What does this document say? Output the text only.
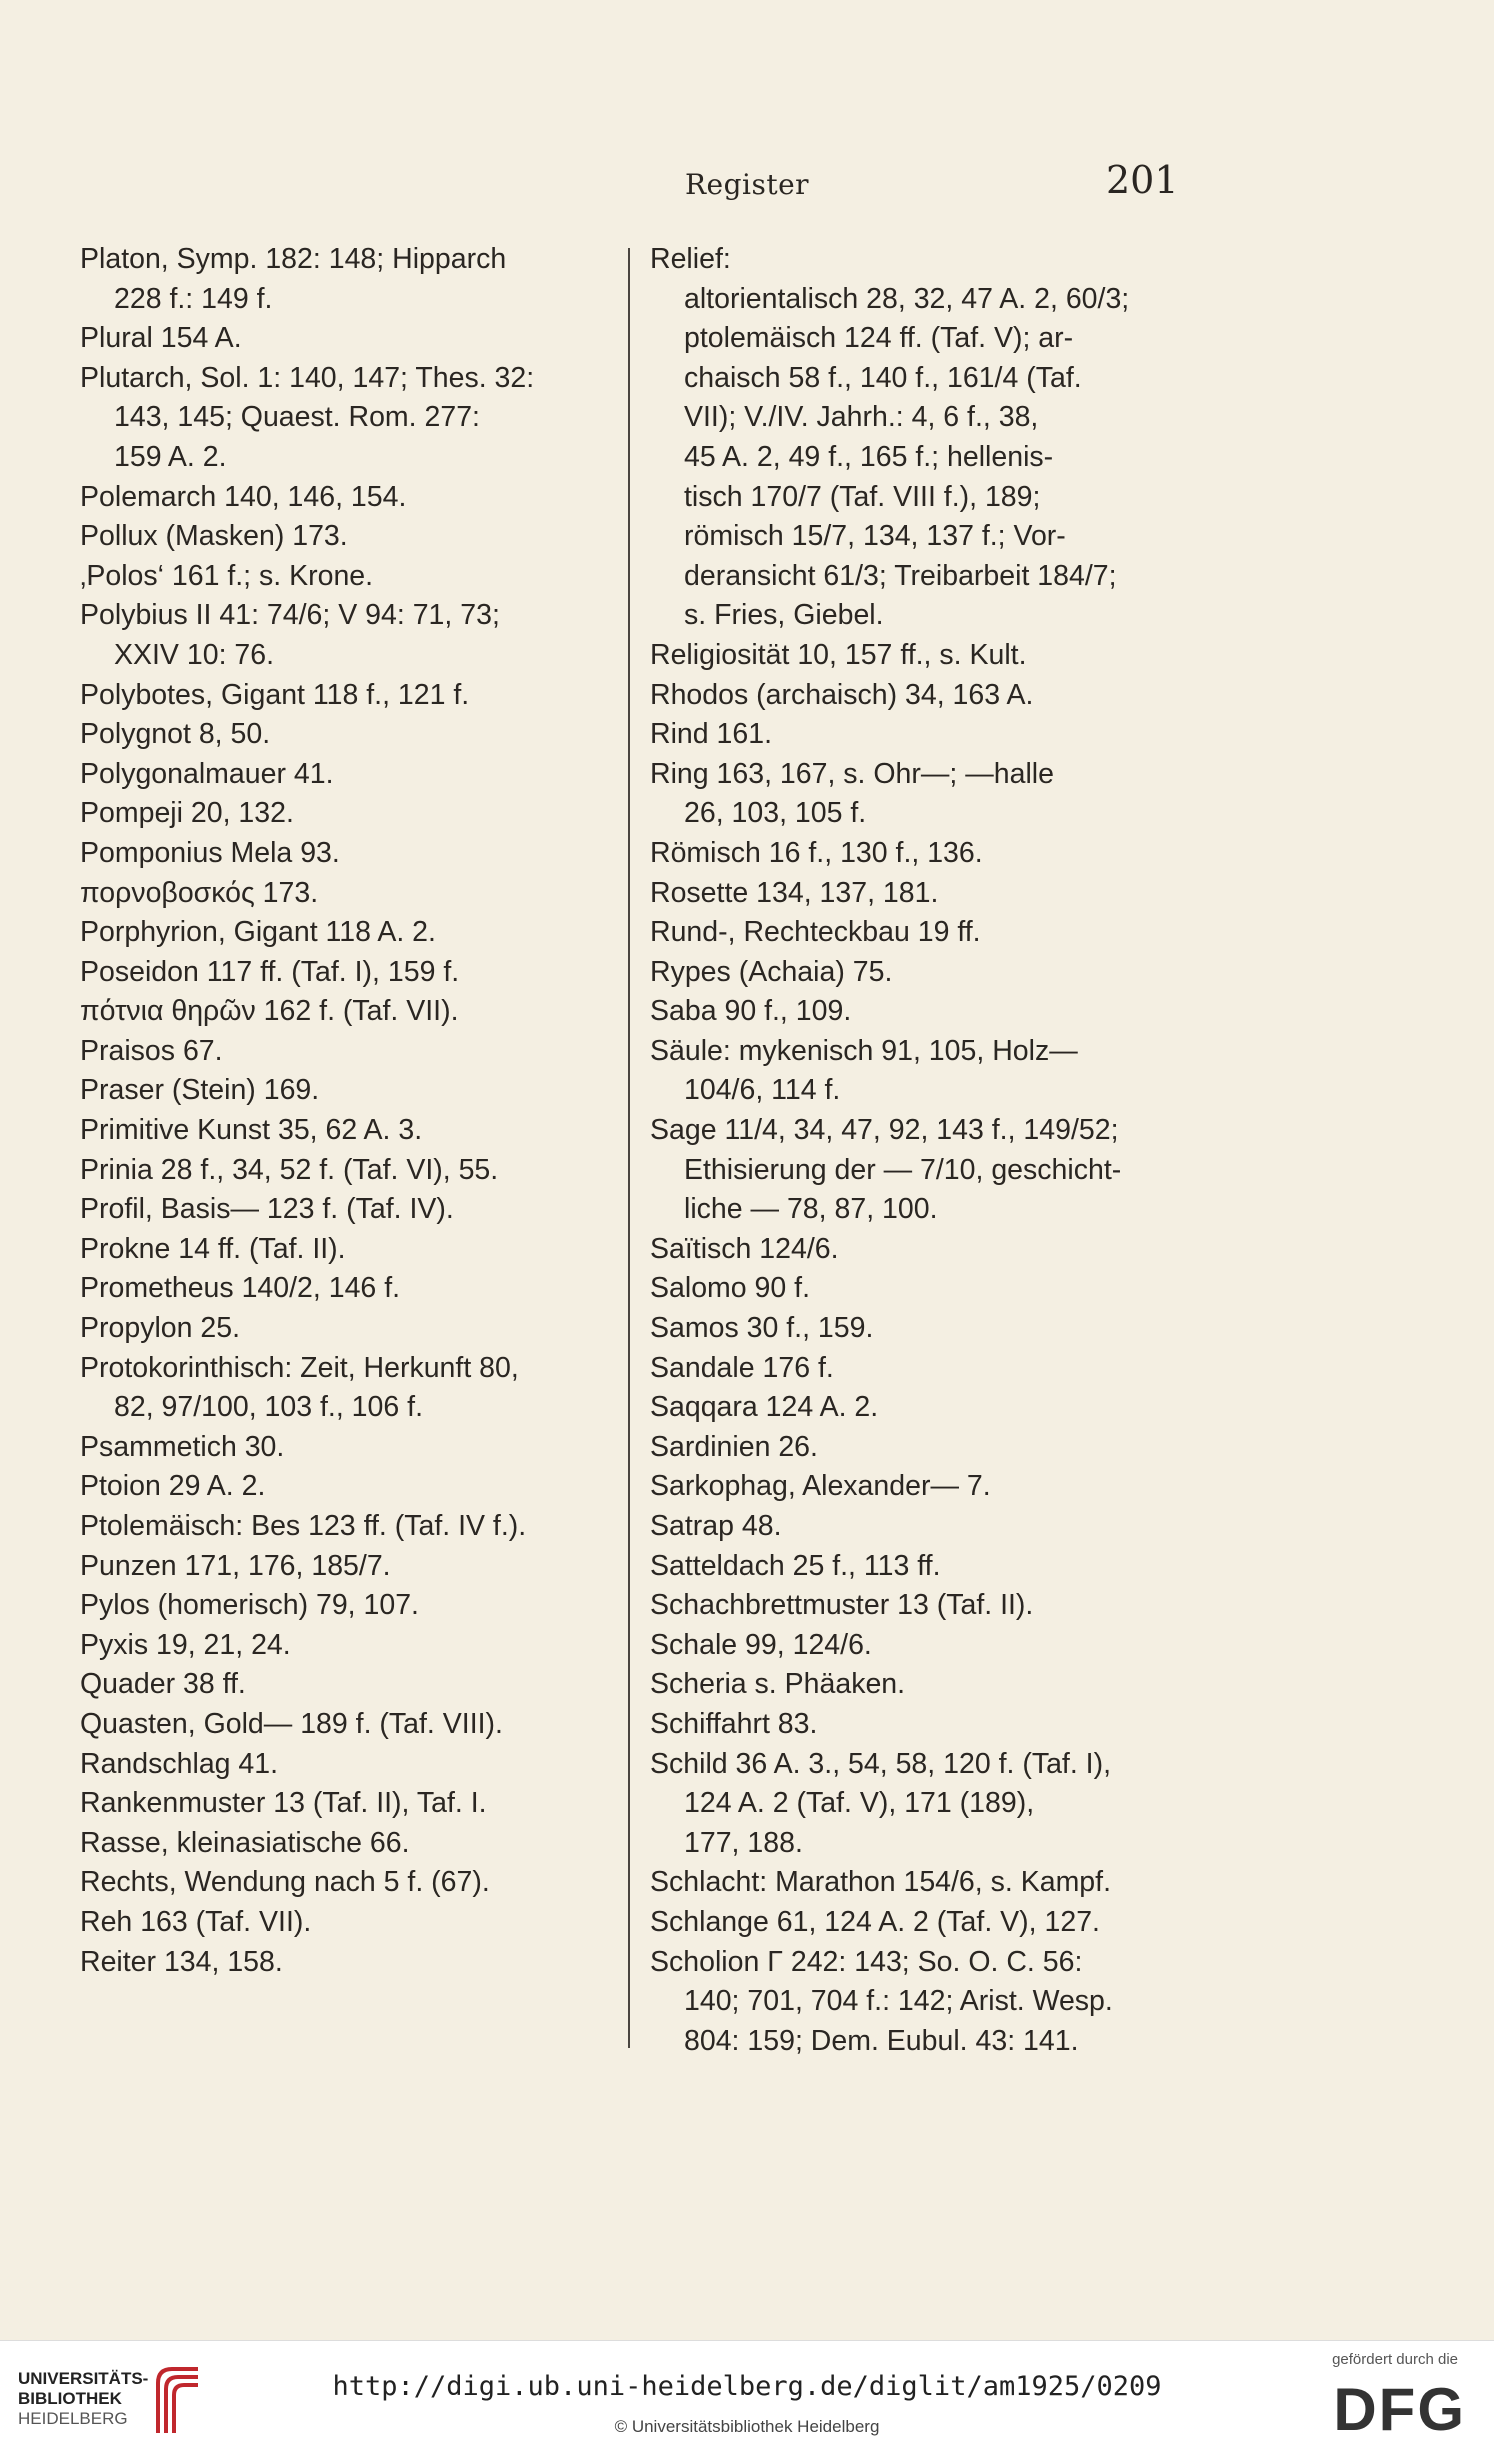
Register	201
Platon, Symp. 182: 148; Hipparch
228 f.: 149 f.
Plural 154 A.
Plutarch, Sol. 1: 140, 147; Thes. 32:
143, 145; Quaest. Rom. 277:
159 A. 2.
Polemarch 140, 146, 154.
Pollux (Masken) 173.
‚Polos‘ 161 f.; s. Krone.
Polybius II 41: 74/6; V 94: 71, 73;
XXIV 10: 76.
Polybotes, Gigant 118 f., 121 f.
Polygnot 8, 50.
Polygonalmauer 41.
Pompeji 20, 132.
Pomponius Mela 93.
πορνοβοσκός 173.
Porphyrion, Gigant 118 A. 2.
Poseidon 117 ff. (Taf. I), 159 f.
πότνια θηρῶν 162 f. (Taf. VII).
Praisos 67.
Praser (Stein) 169.
Primitive Kunst 35, 62 A. 3.
Prinia 28 f., 34, 52 f. (Taf. VI), 55.
Profil, Basis— 123 f. (Taf. IV).
Prokne 14 ff. (Taf. II).
Prometheus 140/2, 146 f.
Propylon 25.
Protokorinthisch: Zeit, Herkunft 80,
82, 97/100, 103 f., 106 f.
Psammetich 30.
Ptoion 29 A. 2.
Ptolemäisch: Bes 123 ff. (Taf. IV f.).
Punzen 171, 176, 185/7.
Pylos (homerisch) 79, 107.
Pyxis 19, 21, 24.
Quader 38 ff.
Quasten, Gold— 189 f. (Taf. VIII).
Randschlag 41.
Rankenmuster 13 (Taf. II), Taf. I.
Rasse, kleinasiatische 66.
Rechts, Wendung nach 5 f. (67).
Reh 163 (Taf. VII).
Reiter 134, 158.
Relief:
altorientalisch 28, 32, 47 A. 2, 60/3;
ptolemäisch 124 ff. (Taf. V); ar-
chaisch 58 f., 140 f., 161/4 (Taf.
VII); V./IV. Jahrh.: 4, 6 f., 38,
45 A. 2, 49 f., 165 f.; hellenis-
tisch 170/7 (Taf. VIII f.), 189;
römisch 15/7, 134, 137 f.; Vor-
deransicht 61/3; Treibarbeit 184/7;
s. Fries, Giebel.
Religiosität 10, 157 ff., s. Kult.
Rhodos (archaisch) 34, 163 A.
Rind 161.
Ring 163, 167, s. Ohr—; —halle
26, 103, 105 f.
Römisch 16 f., 130 f., 136.
Rosette 134, 137, 181.
Rund-, Rechteckbau 19 ff.
Rypes (Achaia) 75.
Saba 90 f., 109.
Säule: mykenisch 91, 105, Holz—
104/6, 114 f.
Sage 11/4, 34, 47, 92, 143 f., 149/52;
Ethisierung der — 7/10, geschicht-
liche — 78, 87, 100.
Saïtisch 124/6.
Salomo 90 f.
Samos 30 f., 159.
Sandale 176 f.
Saqqara 124 A. 2.
Sardinien 26.
Sarkophag, Alexander— 7.
Satrap 48.
Satteldach 25 f., 113 ff.
Schachbrettmuster 13 (Taf. II).
Schale 99, 124/6.
Scheria s. Phäaken.
Schiffahrt 83.
Schild 36 A. 3., 54, 58, 120 f. (Taf. I),
124 A. 2 (Taf. V), 171 (189),
177, 188.
Schlacht: Marathon 154/6, s. Kampf.
Schlange 61, 124 A. 2 (Taf. V), 127.
Scholion Γ 242: 143; So. O. C. 56:
140; 701, 704 f.: 142; Arist. Wesp.
804: 159; Dem. Eubul. 43: 141.
UNIVERSITÄTS-
BIBLIOTHEK
HEIDELBERG
http://digi.ub.uni-heidelberg.de/diglit/am1925/0209
© Universitätsbibliothek Heidelberg
gefördert durch die
DFG
